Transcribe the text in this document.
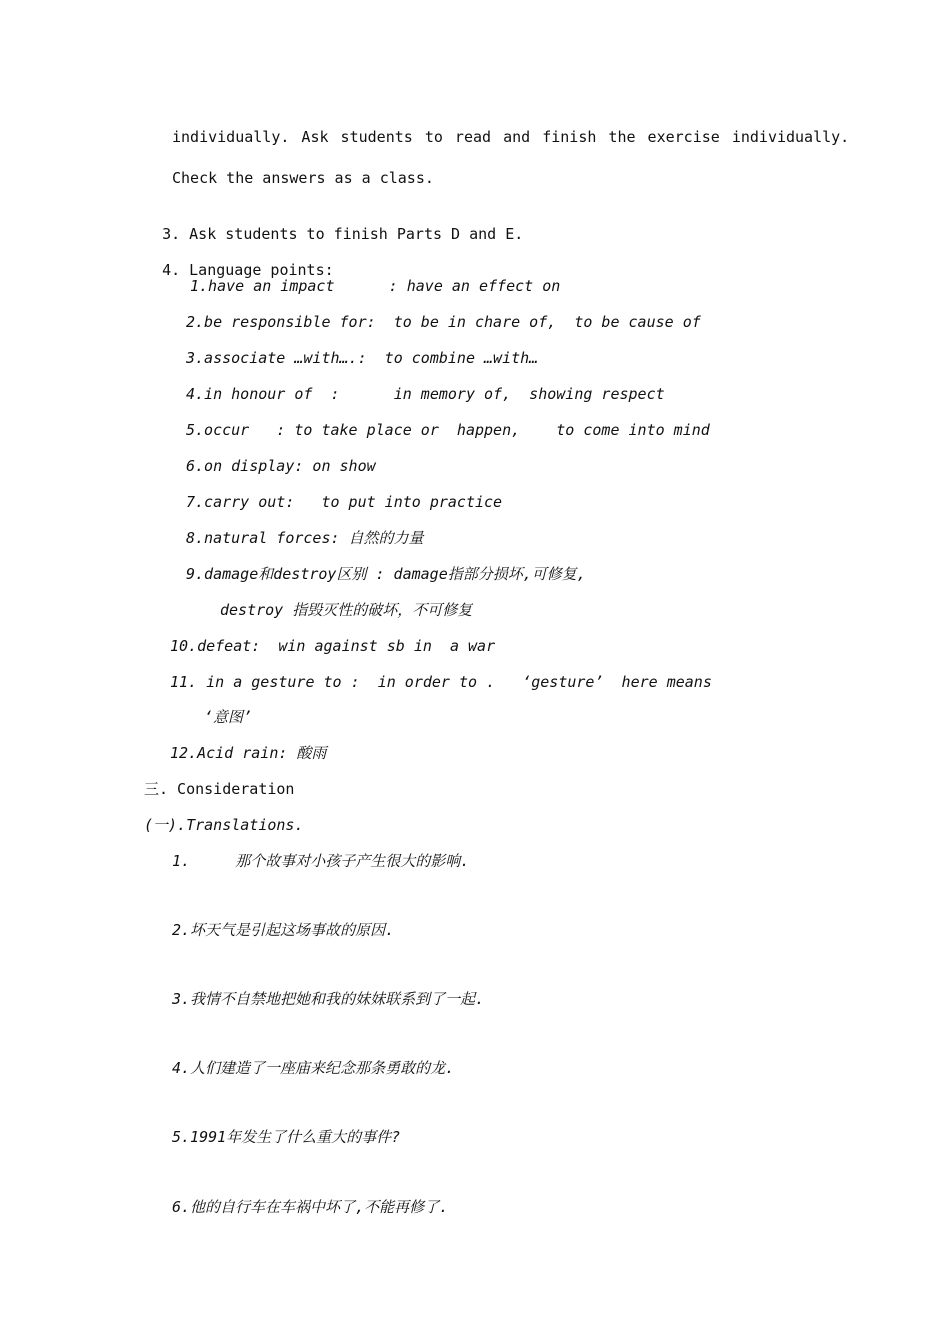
individually. Ask students to read and finish the exercise individually.
Check the answers as a class.

3. Ask students to finish Parts D and E.

4. Language points:

1.have an impact      : have an effect on
2.be responsible for:  to be in chare of,  to be cause of
3.associate …with….:  to combine …with…
4.in honour of  :      in memory of,  showing respect
5.occur   : to take place or  happen,    to come into mind
6.on display: on show
7.carry out:   to put into practice
8.natural forces: 自然的力量
9.damage和destroy区别 : damage指部分损坏,可修复,
destroy 指毁灭性的破坏，不可修复
10.defeat:  win against sb in  a war
11. in a gesture to :  in order to .   ‘gesture’  here means
‘意图’
12.Acid rain: 酸雨
三. Consideration
(一).Translations.
1.     那个故事对小孩子产生很大的影响.
2.坏天气是引起这场事故的原因.
3.我情不自禁地把她和我的妹妹联系到了一起.
4.人们建造了一座庙来纪念那条勇敢的龙.
5.1991年发生了什么重大的事件?
6.他的自行车在车祸中坏了,不能再修了.
